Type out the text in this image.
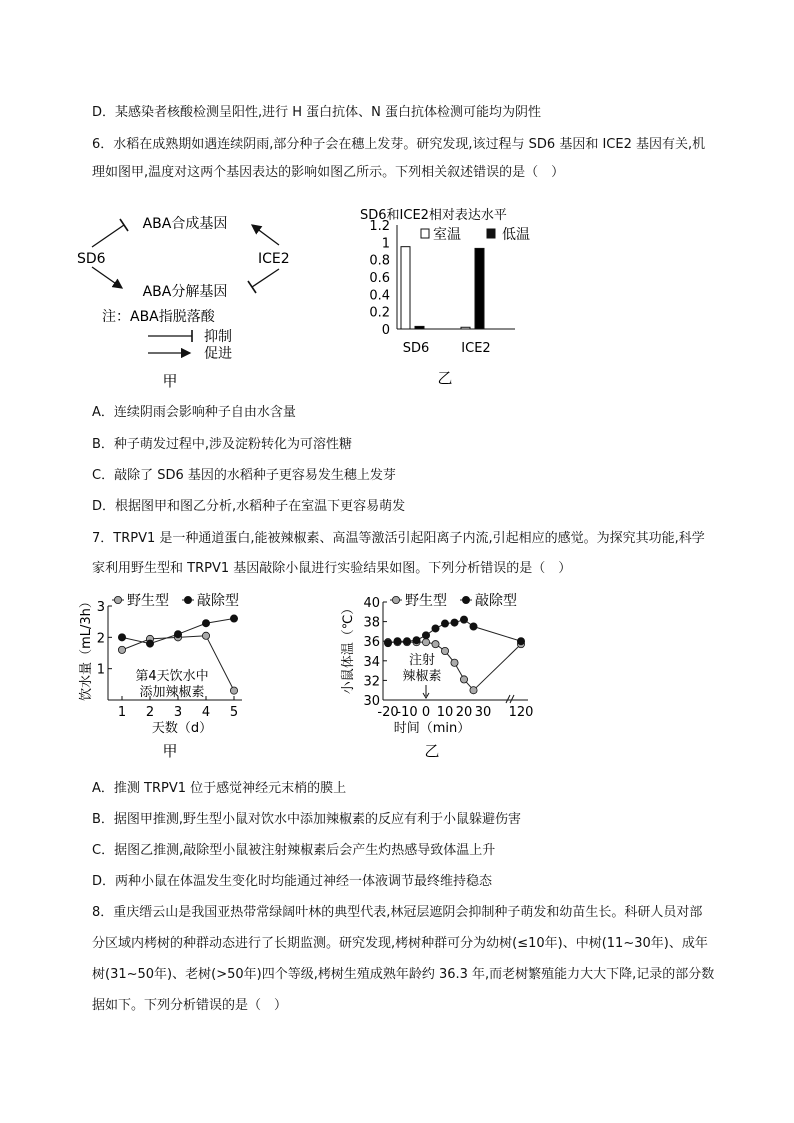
D．某感染者核酸检测呈阳性,进行 H 蛋白抗体、N 蛋白抗体检测可能均为阴性
6．水稻在成熟期如遇连续阴雨,部分种子会在穗上发芽。研究发现,该过程与 SD6 基因和 ICE2 基因有关,机
理如图甲,温度对这两个基因表达的影响如图乙所示。下列相关叙述错误的是（　）
ABA合成基因
ABA分解基因
SD6	ICE2
注：ABA指脱落酸
抑制
促进
甲
SD6和ICE2相对表达水平
0
0.2
0.4
0.6
0.8
1
1.2
SD6 ICE2
室温	低温
乙
A．连续阴雨会影响种子自由水含量
B．种子萌发过程中,涉及淀粉转化为可溶性糖
C．敲除了 SD6 基因的水稻种子更容易发生穗上发芽
D．根据图甲和图乙分析,水稻种子在室温下更容易萌发
7．TRPV1 是一种通道蛋白,能被辣椒素、高温等激活引起阳离子内流,引起相应的感觉。为探究其功能,科学
家利用野生型和 TRPV1 基因敲除小鼠进行实验结果如图。下列分析错误的是（　）
野生型 敲除型
饮水量（mL/3h） 1
2
3
1 2 3 4 5
第4天饮水中
添加辣椒素
天数（d）
甲
野生型 敲除型
小鼠体温（℃）
30
32
34
36
38
40
-20
-10 0 10 20 30 120
注射
辣椒素
时间（min）
乙
A．推测 TRPV1 位于感觉神经元末梢的膜上
B．据图甲推测,野生型小鼠对饮水中添加辣椒素的反应有利于小鼠躲避伤害
C．据图乙推测,敲除型小鼠被注射辣椒素后会产生灼热感导致体温上升
D．两种小鼠在体温发生变化时均能通过神经一体液调节最终维持稳态
8．重庆缙云山是我国亚热带常绿阔叶林的典型代表,林冠层遮阴会抑制种子萌发和幼苗生长。科研人员对部
分区域内栲树的种群动态进行了长期监测。研究发现,栲树种群可分为幼树(≤10年)、中树(11~30年)、成年
树(31~50年)、老树(>50年)四个等级,栲树生殖成熟年龄约 36.3 年,而老树繁殖能力大大下降,记录的部分数
据如下。下列分析错误的是（　）
